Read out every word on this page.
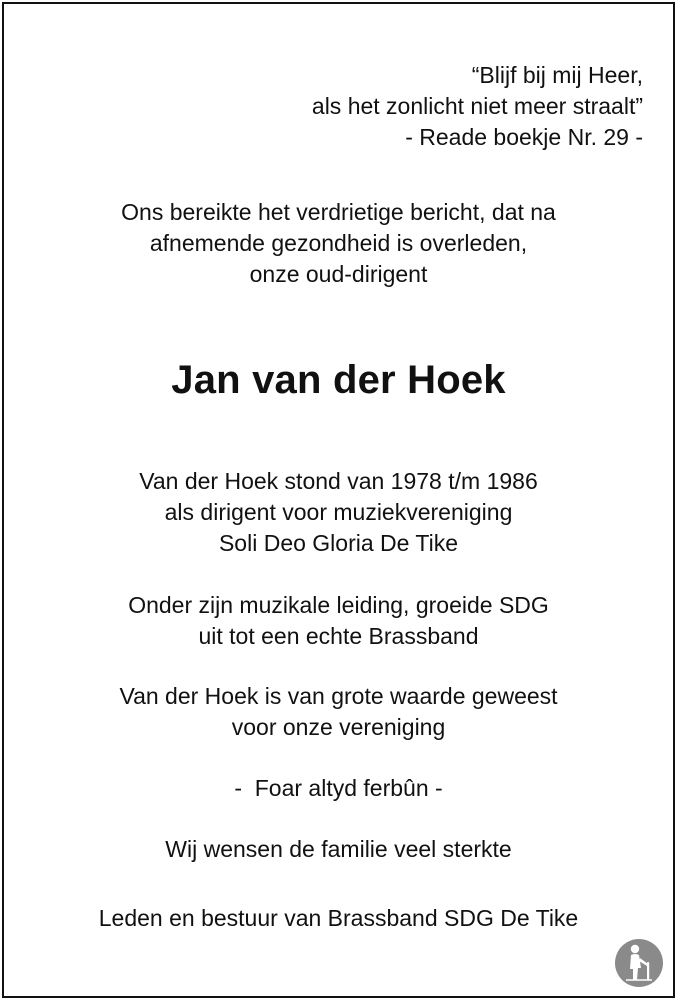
“Blijf bij mij Heer,
als het zonlicht niet meer straalt”
- Reade boekje Nr. 29 -
Ons bereikte het verdrietige bericht, dat na
afnemende gezondheid is overleden,
onze oud-dirigent
Jan van der Hoek
Van der Hoek stond van 1978 t/m 1986
als dirigent voor muziekvereniging
Soli Deo Gloria De Tike
Onder zijn muzikale leiding, groeide SDG
uit tot een echte Brassband
Van der Hoek is van grote waarde geweest
voor onze vereniging
-  Foar altyd ferbûn -
Wij wensen de familie veel sterkte
Leden en bestuur van Brassband SDG De Tike
